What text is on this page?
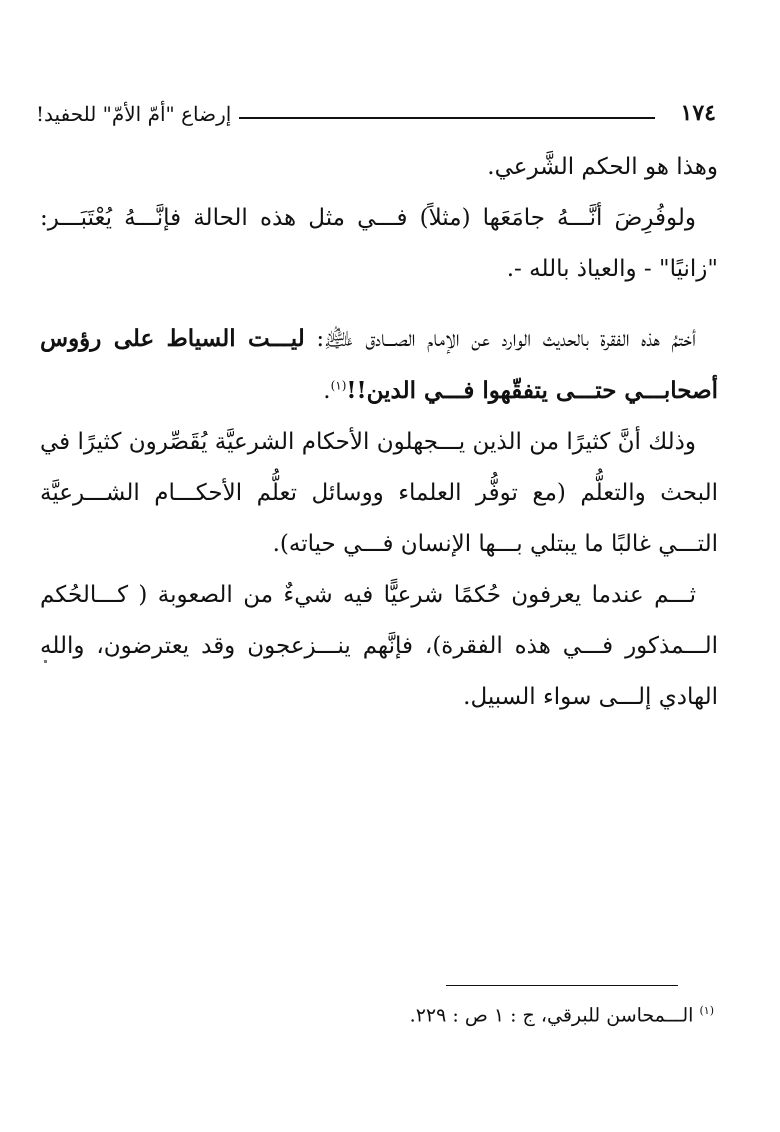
١٧٤
إرضاع "أمّ الأمّ" للحفيد!

وهذا هو الحكم الشَّرعي.

ولوفُرِضَ أنَّـــهُ جامَعَها (مثلاً) فـــي مثل هذه الحالة فإنَّـــهُ يُعْتَبَـــر: "زانيًا" - والعياذ بالله -.

أختمُ هذه الفقرة بالحديث الوارد عن الإمام الصـــادق ﵇: ليـــت السياط على رؤوس أصحابـــي حتـــى يتفقّهوا فـــي الدين!!$^{(١)}$.

وذلك أنَّ كثيرًا من الذين يـــجهلون الأحكام الشرعيَّة يُقَصِّرون كثيرًا في البحث والتعلُّم (مع توفُّر العلماء ووسائل تعلُّم الأحكـــام الشـــرعيَّة التـــي غالبًا ما يبتلي بـــها الإنسان فـــي حياته).

ثـــم عندما يعرفون حُكمًا شرعيًّا فيه شيءٌ من الصعوبة ( كـــالحُكم الـــمذكور فـــي هذه الفقرة)، فإنَّهم ينـــزعجون وقد يعترضون، والله الهادي إلـــى سواء السبيل.

$^{(١)}$ الـــمحاسن للبرقي، ج : ١ ص : ٢٢٩.
